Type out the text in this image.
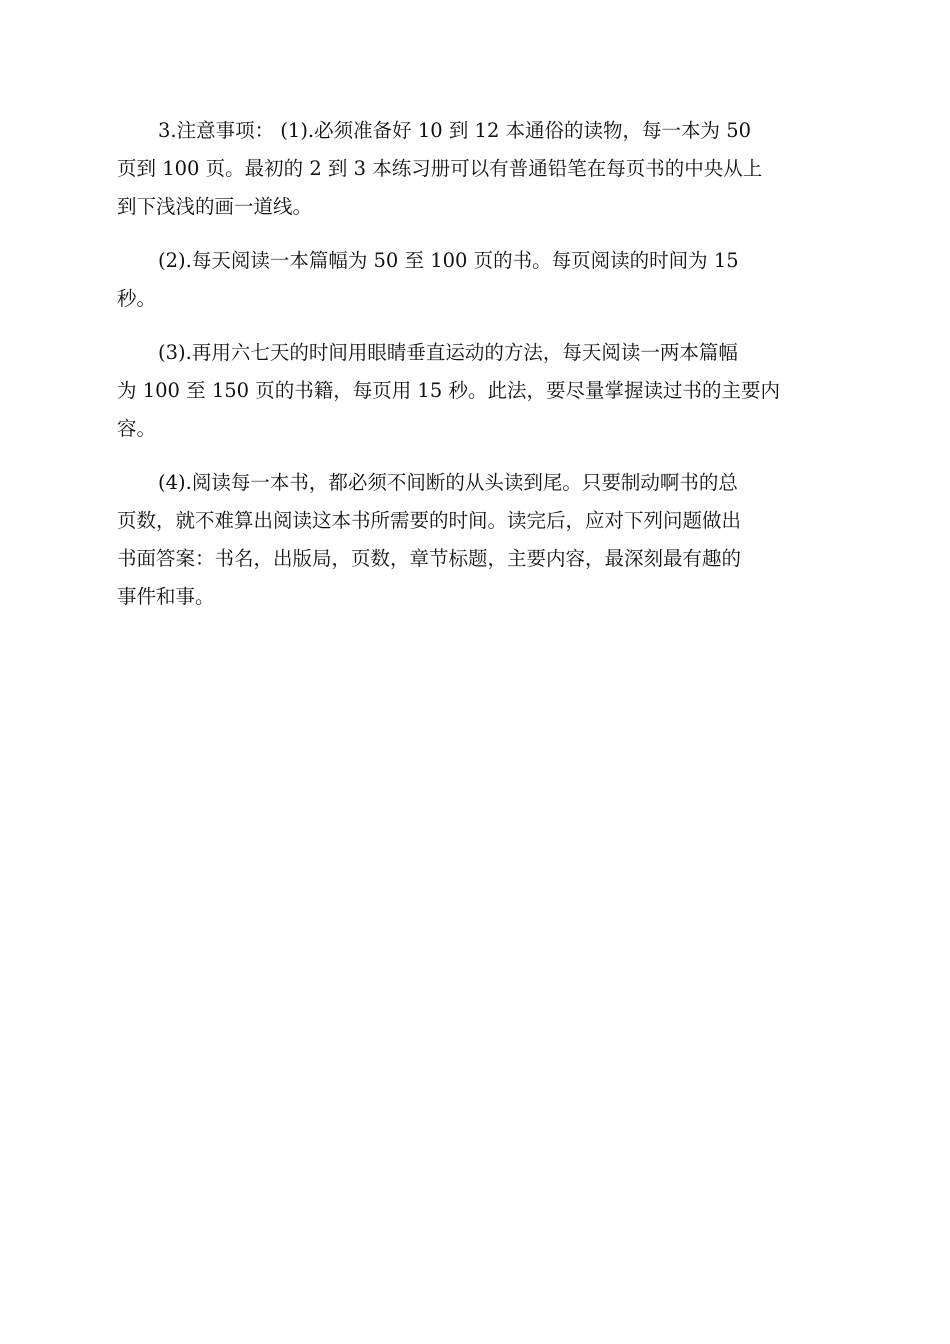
3.注意事项： (1).必须准备好 10 到 12 本通俗的读物，每一本为 50
页到 100 页。最初的 2 到 3 本练习册可以有普通铅笔在每页书的中央从上
到下浅浅的画一道线。
(2).每天阅读一本篇幅为 50 至 100 页的书。每页阅读的时间为 15
秒。
(3).再用六七天的时间用眼睛垂直运动的方法，每天阅读一两本篇幅
为 100 至 150 页的书籍，每页用 15 秒。此法，要尽量掌握读过书的主要内
容。
(4).阅读每一本书，都必须不间断的从头读到尾。只要制动啊书的总
页数，就不难算出阅读这本书所需要的时间。读完后，应对下列问题做出
书面答案：书名，出版局，页数，章节标题，主要内容，最深刻最有趣的
事件和事。
